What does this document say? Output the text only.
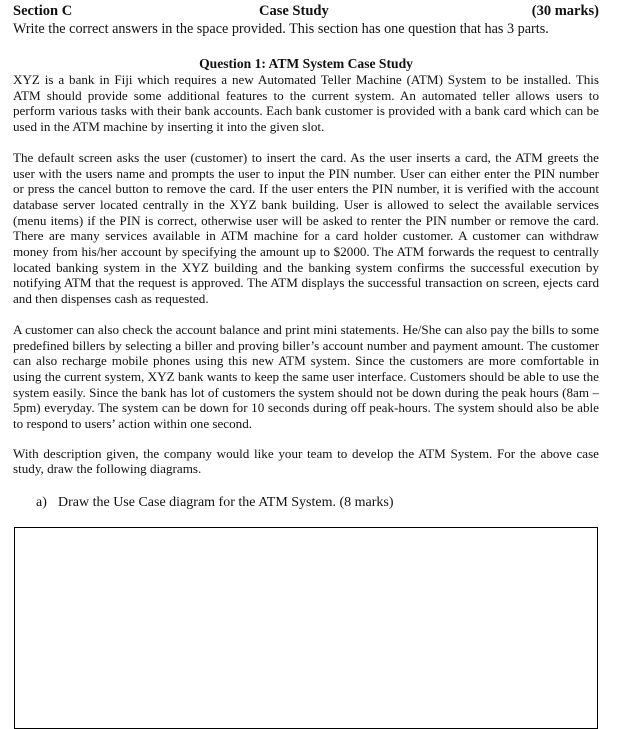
Section C	Case Study	(30 marks)
Write the correct answers in the space provided. This section has one question that has 3 parts.
Question 1: ATM System Case Study

XYZ is a bank in Fiji which requires a new Automated Teller Machine (ATM) System to be installed. This ATM should provide some additional features to the current system. An automated teller allows users to perform various tasks with their bank accounts. Each bank customer is provided with a bank card which can be used in the ATM machine by inserting it into the given slot.

The default screen asks the user (customer) to insert the card. As the user inserts a card, the ATM greets the user with the users name and prompts the user to input the PIN number. User can either enter the PIN number or press the cancel button to remove the card. If the user enters the PIN number, it is verified with the account database server located centrally in the XYZ bank building. User is allowed to select the available services (menu items) if the PIN is correct, otherwise user will be asked to renter the PIN number or remove the card. There are many services available in ATM machine for a card holder customer. A customer can withdraw money from his/her account by specifying the amount up to $2000. The ATM forwards the request to centrally located banking system in the XYZ building and the banking system confirms the successful execution by notifying ATM that the request is approved. The ATM displays the successful transaction on screen, ejects card and then dispenses cash as requested.

A customer can also check the account balance and print mini statements. He/She can also pay the bills to some predefined billers by selecting a biller and proving biller’s account number and payment amount. The customer can also recharge mobile phones using this new ATM system. Since the customers are more comfortable in using the current system, XYZ bank wants to keep the same user interface. Customers should be able to use the system easily. Since the bank has lot of customers the system should not be down during the peak hours (8am – 5pm) everyday. The system can be down for 10 seconds during off peak-hours. The system should also be able to respond to users’ action within one second.

With description given, the company would like your team to develop the ATM System. For the above case study, draw the following diagrams.

a) Draw the Use Case diagram for the ATM System. (8 marks)
